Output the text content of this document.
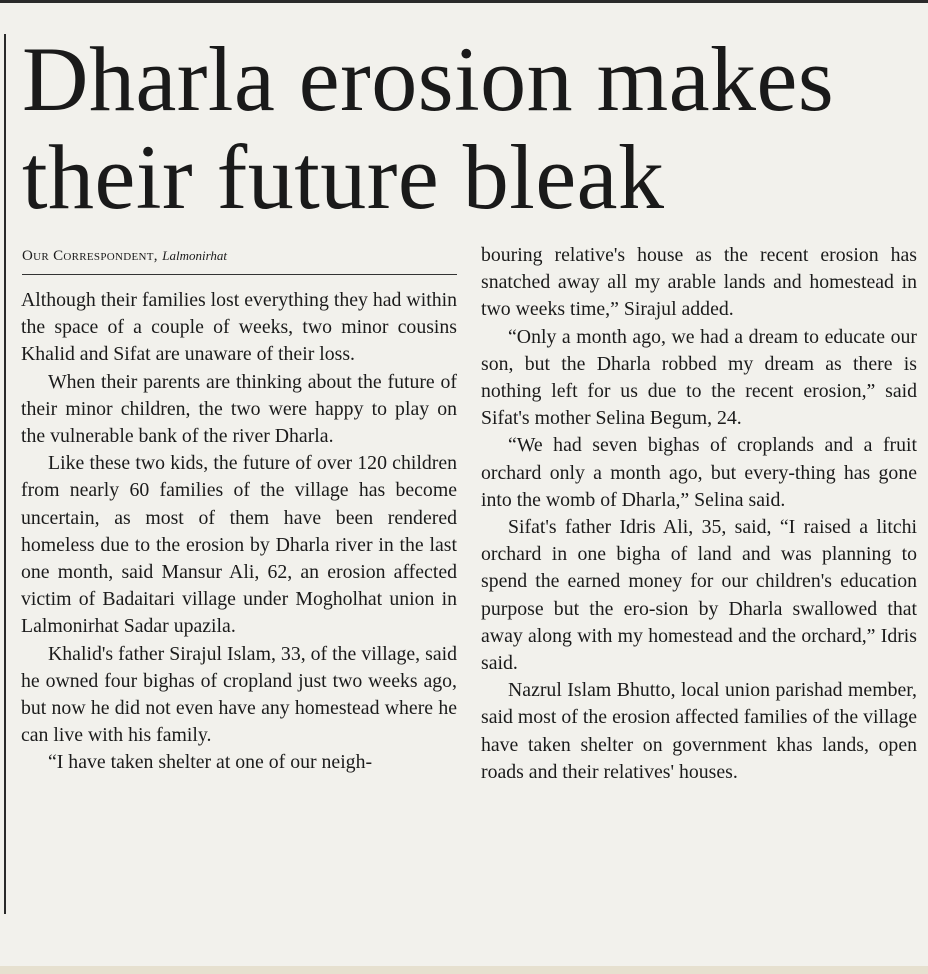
Dharla erosion makes their future bleak
Our Correspondent, Lalmonirhat

Although their families lost everything they had within the space of a couple of weeks, two minor cousins Khalid and Sifat are unaware of their loss.

When their parents are thinking about the future of their minor children, the two were happy to play on the vulnerable bank of the river Dharla.

Like these two kids, the future of over 120 children from nearly 60 families of the village has become uncertain, as most of them have been rendered homeless due to the erosion by Dharla river in the last one month, said Mansur Ali, 62, an erosion affected victim of Badaitari village under Mogholhat union in Lalmonirhat Sadar upazila.

Khalid's father Sirajul Islam, 33, of the village, said he owned four bighas of cropland just two weeks ago, but now he did not even have any homestead where he can live with his family.

“I have taken shelter at one of our neigh-

bouring relative's house as the recent erosion has snatched away all my arable lands and homestead in two weeks time,” Sirajul added.

“Only a month ago, we had a dream to educate our son, but the Dharla robbed my dream as there is nothing left for us due to the recent erosion,” said Sifat's mother Selina Begum, 24.

“We had seven bighas of croplands and a fruit orchard only a month ago, but every-thing has gone into the womb of Dharla,” Selina said.

Sifat's father Idris Ali, 35, said, “I raised a litchi orchard in one bigha of land and was planning to spend the earned money for our children's education purpose but the ero-sion by Dharla swallowed that away along with my homestead and the orchard,” Idris said.

Nazrul Islam Bhutto, local union parishad member, said most of the erosion affected families of the village have taken shelter on government khas lands, open roads and their relatives' houses.
